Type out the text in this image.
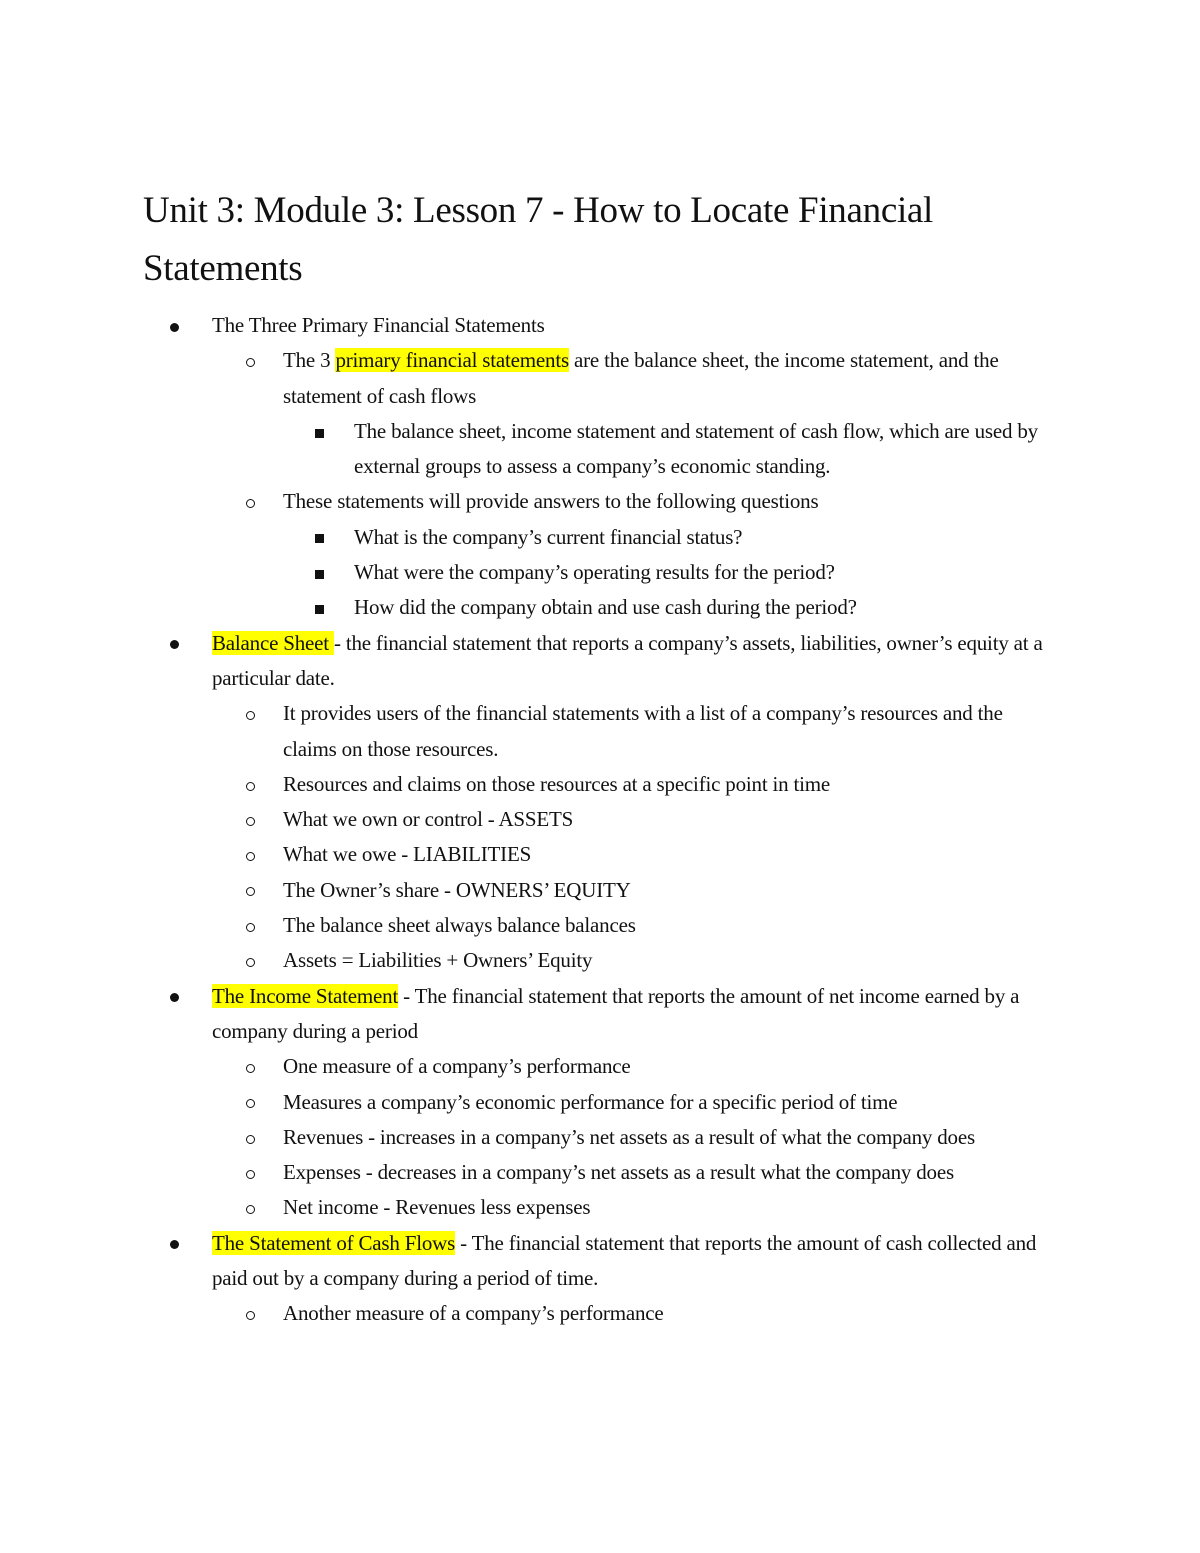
Unit 3: Module 3: Lesson 7 - How to Locate Financial Statements
The Three Primary Financial Statements
The 3 primary financial statements are the balance sheet, the income statement, and the statement of cash flows
The balance sheet, income statement and statement of cash flow, which are used by external groups to assess a company’s economic standing.
These statements will provide answers to the following questions
What is the company’s current financial status?
What were the company’s operating results for the period?
How did the company obtain and use cash during the period?
Balance Sheet - the financial statement that reports a company’s assets, liabilities, owner’s equity at a particular date.
It provides users of the financial statements with a list of a company’s resources and the claims on those resources.
Resources and claims on those resources at a specific point in time
What we own or control - ASSETS
What we owe - LIABILITIES
The Owner’s share - OWNERS’ EQUITY
The balance sheet always balance balances
Assets = Liabilities + Owners’ Equity
The Income Statement - The financial statement that reports the amount of net income earned by a company during a period
One measure of a company’s performance
Measures a company’s economic performance for a specific period of time
Revenues - increases in a company’s net assets as a result of what the company does
Expenses - decreases in a company’s net assets as a result what the company does
Net income - Revenues less expenses
The Statement of Cash Flows - The financial statement that reports the amount of cash collected and paid out by a company during a period of time.
Another measure of a company’s performance
